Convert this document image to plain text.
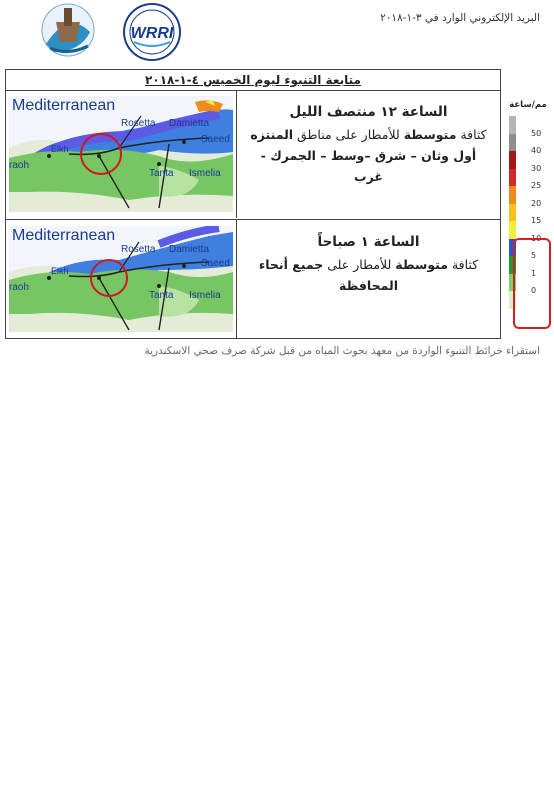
WRRI
البريد الإلكتروني الوارد في ٣-١-٢٠١٨
متابعة التنبوء ليوم الخميس ٤-١-٢٠١٨
Mediterranean
Rosetta Damietta
Saeed
Elkh
raoh
Tanta Ismelia
الساعة ١٢ منتصف الليل
كثافة متوسطة للأمطار على مناطق المنتزه أول وثان – شرق –وسط – الجمرك - غرب
Mediterranean
Rosetta Damietta
Saeed
Elkh
raoh
Tanta Ismelia
الساعة ١ صباحاً
كثافة متوسطة للأمطار على جميع أنحاء المحافظة
مم/ساعة
50
40
30
25
20
15
10
5
1
0
استقراء خرائط التنبوء الواردة من معهد بحوث المياه من قبل شركة صرف صحي الاسكندرية
